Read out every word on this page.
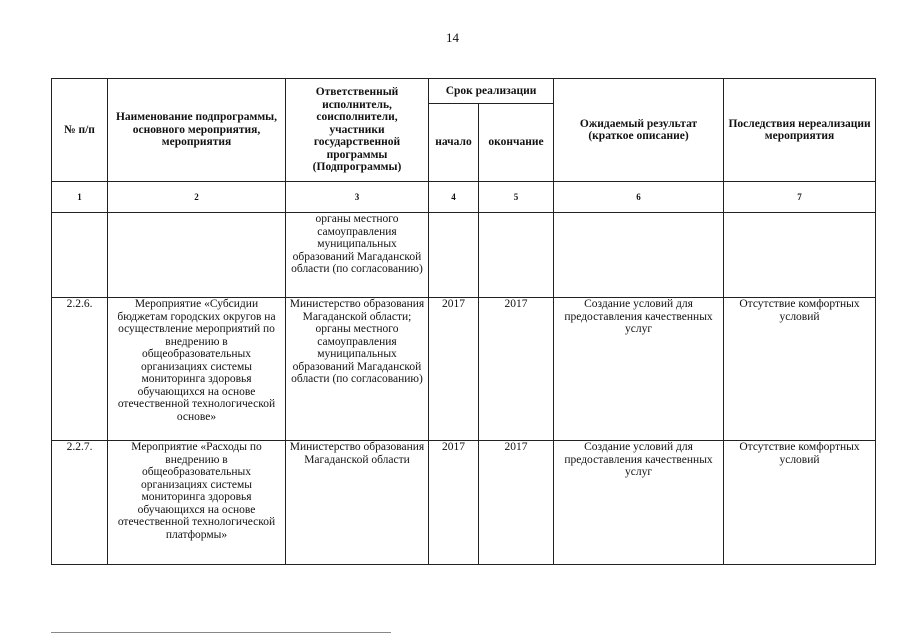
14
№ п/п	Наименование подпрограммы, основного мероприятия, мероприятия	Ответственный исполнитель, соисполнители, участники государственной программы (Подпрограммы)	Срок реализации		Ожидаемый результат (краткое описание)	Последствия нереализации мероприятия
			начало	окончание		
1	2	3	4	5	6	7
		органы местного самоуправления муниципальных образований Магаданской области (по согласованию)				
2.2.6.	Мероприятие «Субсидии бюджетам городских округов на осуществление мероприятий по внедрению в общеобразовательных организациях системы мониторинга здоровья обучающихся на основе отечественной технологической основе»	Министерство образования Магаданской области; органы местного самоуправления муниципальных образований Магаданской области (по согласованию)	2017	2017	Создание условий для предоставления качественных услуг	Отсутствие комфортных условий
2.2.7.	Мероприятие «Расходы по внедрению в общеобразовательных организациях системы мониторинга здоровья обучающихся на основе отечественной технологической платформы»	Министерство образования Магаданской области	2017	2017	Создание условий для предоставления качественных услуг	Отсутствие комфортных условий
